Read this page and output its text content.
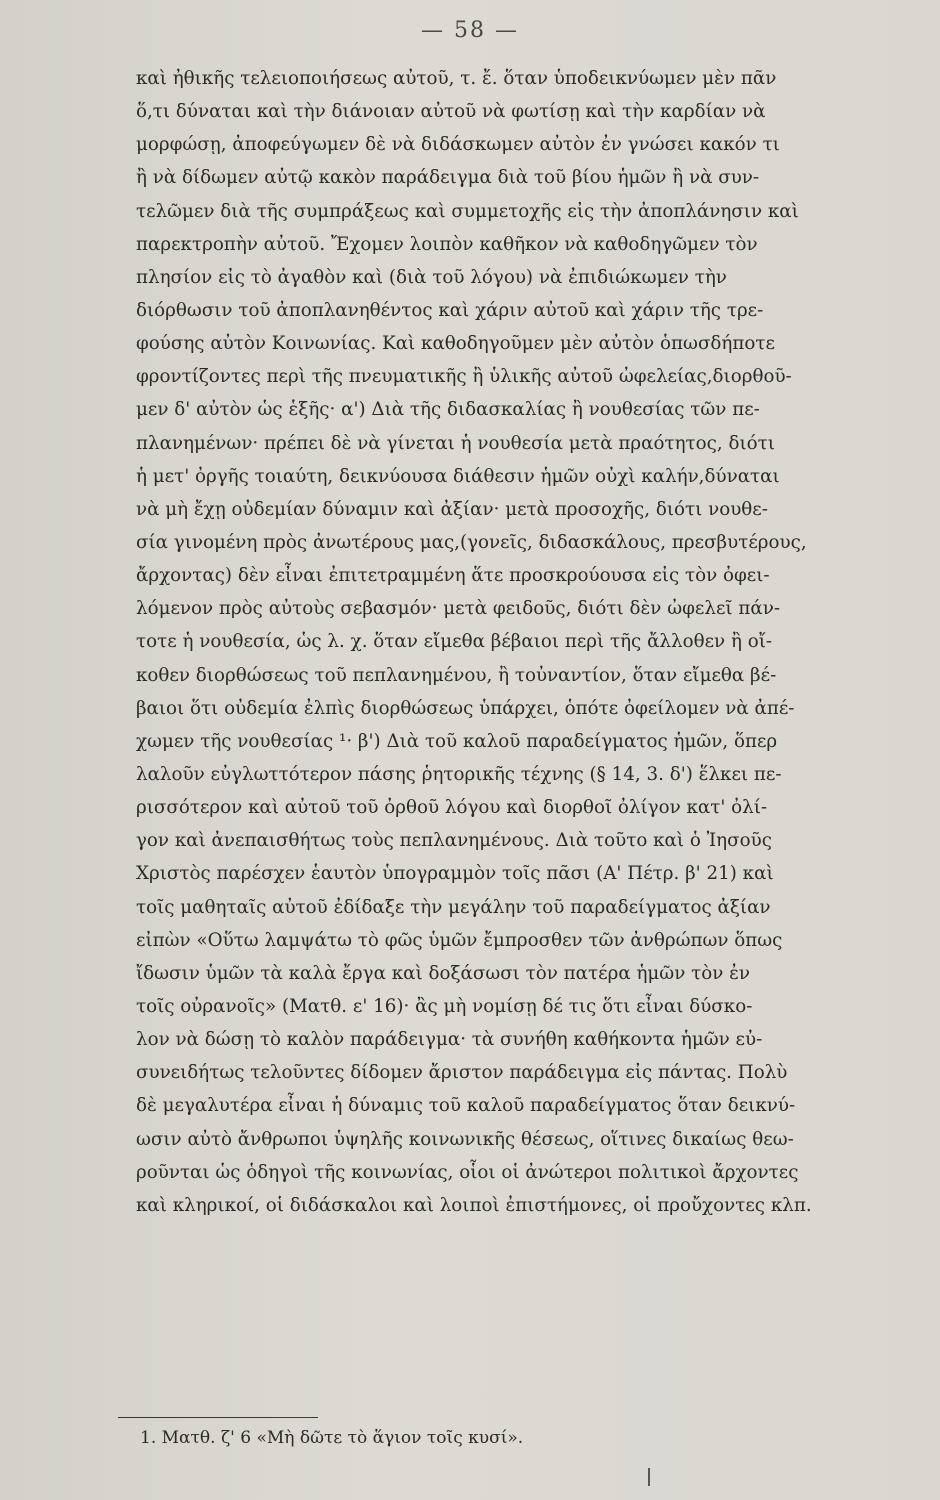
— 58 —
καὶ ἠθικῆς τελειοποιήσεως αὐτοῦ, τ. ἔ. ὅταν ὑποδεικνύωμεν μὲν πᾶν
ὅ,τι δύναται καὶ τὴν διάνοιαν αὐτοῦ νὰ φωτίσῃ καὶ τὴν καρδίαν νὰ
μορφώσῃ, ἀποφεύγωμεν δὲ νὰ διδάσκωμεν αὐτὸν ἐν γνώσει κακόν τι
ἢ νὰ δίδωμεν αὐτῷ κακὸν παράδειγμα διὰ τοῦ βίου ἡμῶν ἢ νὰ συν-
τελῶμεν διὰ τῆς συμπράξεως καὶ συμμετοχῆς εἰς τὴν ἀποπλάνησιν καὶ
παρεκτροπὴν αὐτοῦ. Ἔχομεν λοιπὸν καθῆκον νὰ καθοδηγῶμεν τὸν
πλησίον εἰς τὸ ἀγαθὸν καὶ (διὰ τοῦ λόγου) νὰ ἐπιδιώκωμεν τὴν
διόρθωσιν τοῦ ἀποπλανηθέντος καὶ χάριν αὐτοῦ καὶ χάριν τῆς τρε-
φούσης αὐτὸν Κοινωνίας. Καὶ καθοδηγοῦμεν μὲν αὐτὸν ὁπωσδήποτε
φροντίζοντες περὶ τῆς πνευματικῆς ἢ ὑλικῆς αὐτοῦ ὠφελείας,διορθοῦ-
μεν δ' αὐτὸν ὡς ἑξῆς· α') Διὰ τῆς διδασκαλίας ἢ νουθεσίας τῶν πε-
πλανημένων· πρέπει δὲ νὰ γίνεται ἡ νουθεσία μετὰ πραότητος, διότι
ἡ μετ' ὀργῆς τοιαύτη, δεικνύουσα διάθεσιν ἡμῶν οὐχὶ καλήν,δύναται
νὰ μὴ ἔχῃ οὐδεμίαν δύναμιν καὶ ἀξίαν· μετὰ προσοχῆς, διότι νουθε-
σία γινομένη πρὸς ἀνωτέρους μας,(γονεῖς, διδασκάλους, πρεσβυτέρους,
ἄρχοντας) δὲν εἶναι ἐπιτετραμμένη ἅτε προσκρούουσα εἰς τὸν ὀφει-
λόμενον πρὸς αὐτοὺς σεβασμόν· μετὰ φειδοῦς, διότι δὲν ὠφελεῖ πάν-
τοτε ἡ νουθεσία, ὡς λ. χ. ὅταν εἴμεθα βέβαιοι περὶ τῆς ἄλλοθεν ἢ οἴ-
κοθεν διορθώσεως τοῦ πεπλανημένου, ἢ τοὐναντίον, ὅταν εἴμεθα βέ-
βαιοι ὅτι οὐδεμία ἐλπὶς διορθώσεως ὑπάρχει, ὁπότε ὀφείλομεν νὰ ἀπέ-
χωμεν τῆς νουθεσίας ¹· β') Διὰ τοῦ καλοῦ παραδείγματος ἡμῶν, ὅπερ
λαλοῦν εὐγλωττότερον πάσης ῥητορικῆς τέχνης (§ 14, 3. δ') ἕλκει πε-
ρισσότερον καὶ αὐτοῦ τοῦ ὀρθοῦ λόγου καὶ διορθοῖ ὀλίγον κατ' ὀλί-
γον καὶ ἀνεπαισθήτως τοὺς πεπλανημένους. Διὰ τοῦτο καὶ ὁ Ἰησοῦς
Χριστὸς παρέσχεν ἑαυτὸν ὑπογραμμὸν τοῖς πᾶσι (Α' Πέτρ. β' 21) καὶ
τοῖς μαθηταῖς αὐτοῦ ἐδίδαξε τὴν μεγάλην τοῦ παραδείγματος ἀξίαν
εἰπὼν «Οὕτω λαμψάτω τὸ φῶς ὑμῶν ἔμπροσθεν τῶν ἀνθρώπων ὅπως
ἴδωσιν ὑμῶν τὰ καλὰ ἔργα καὶ δοξάσωσι τὸν πατέρα ἡμῶν τὸν ἐν
τοῖς οὐρανοῖς» (Ματθ. ε' 16)· ἂς μὴ νομίσῃ δέ τις ὅτι εἶναι δύσκο-
λον νὰ δώσῃ τὸ καλὸν παράδειγμα· τὰ συνήθη καθήκοντα ἡμῶν εὐ-
συνειδήτως τελοῦντες δίδομεν ἄριστον παράδειγμα εἰς πάντας. Πολὺ
δὲ μεγαλυτέρα εἶναι ἡ δύναμις τοῦ καλοῦ παραδείγματος ὅταν δεικνύ-
ωσιν αὐτὸ ἄνθρωποι ὑψηλῆς κοινωνικῆς θέσεως, οἵτινες δικαίως θεω-
ροῦνται ὡς ὁδηγοὶ τῆς κοινωνίας, οἷοι οἱ ἀνώτεροι πολιτικοὶ ἄρχοντες
καὶ κληρικοί, οἱ διδάσκαλοι καὶ λοιποὶ ἐπιστήμονες, οἱ προὔχοντες κλπ.
1. Ματθ. ζ' 6 «Μὴ δῶτε τὸ ἅγιον τοῖς κυσί».
